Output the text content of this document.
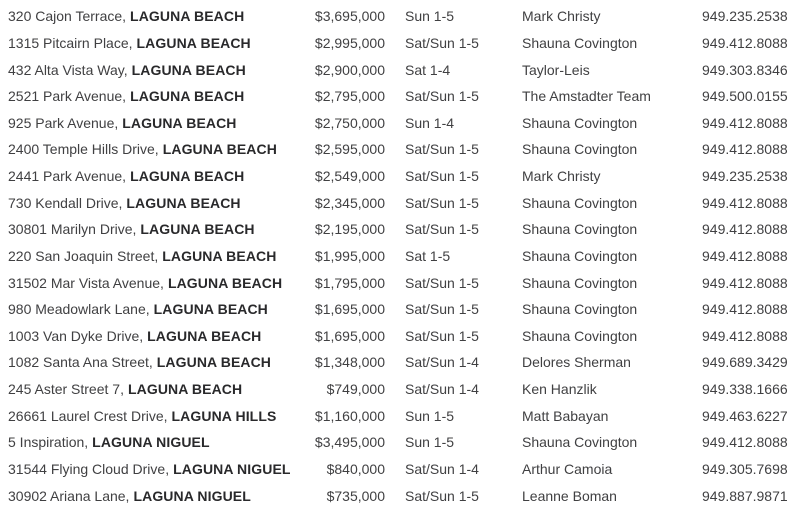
320 Cajon Terrace, LAGUNA BEACH	$3,695,000 Sun 1-5	Mark Christy	949.235.2538
1315 Pitcairn Place, LAGUNA BEACH	$2,995,000 Sat/Sun 1-5	Shauna Covington	949.412.8088
432 Alta Vista Way, LAGUNA BEACH	$2,900,000 Sat 1-4	Taylor-Leis	949.303.8346
2521 Park Avenue, LAGUNA BEACH	$2,795,000 Sat/Sun 1-5	The Amstadter Team	949.500.0155
925 Park Avenue, LAGUNA BEACH	$2,750,000 Sun 1-4	Shauna Covington	949.412.8088
2400 Temple Hills Drive, LAGUNA BEACH	$2,595,000 Sat/Sun 1-5	Shauna Covington	949.412.8088
2441 Park Avenue, LAGUNA BEACH	$2,549,000 Sat/Sun 1-5	Mark Christy	949.235.2538
730 Kendall Drive, LAGUNA BEACH	$2,345,000 Sat/Sun 1-5	Shauna Covington	949.412.8088
30801 Marilyn Drive, LAGUNA BEACH	$2,195,000 Sat/Sun 1-5	Shauna Covington	949.412.8088
220 San Joaquin Street, LAGUNA BEACH	$1,995,000 Sat 1-5	Shauna Covington	949.412.8088
31502 Mar Vista Avenue, LAGUNA BEACH	$1,795,000 Sat/Sun 1-5	Shauna Covington	949.412.8088
980 Meadowlark Lane, LAGUNA BEACH	$1,695,000 Sat/Sun 1-5	Shauna Covington	949.412.8088
1003 Van Dyke Drive, LAGUNA BEACH	$1,695,000 Sat/Sun 1-5	Shauna Covington	949.412.8088
1082 Santa Ana Street, LAGUNA BEACH	$1,348,000 Sat/Sun 1-4	Delores Sherman	949.689.3429
245 Aster Street 7, LAGUNA BEACH	$749,000 Sat/Sun 1-4	Ken Hanzlik	949.338.1666
26661 Laurel Crest Drive, LAGUNA HILLS	$1,160,000 Sun 1-5	Matt Babayan	949.463.6227
5 Inspiration, LAGUNA NIGUEL	$3,495,000 Sun 1-5	Shauna Covington	949.412.8088
31544 Flying Cloud Drive, LAGUNA NIGUEL	$840,000 Sat/Sun 1-4	Arthur Camoia	949.305.7698
30902 Ariana Lane, LAGUNA NIGUEL	$735,000 Sat/Sun 1-5	Leanne Boman	949.887.9871
